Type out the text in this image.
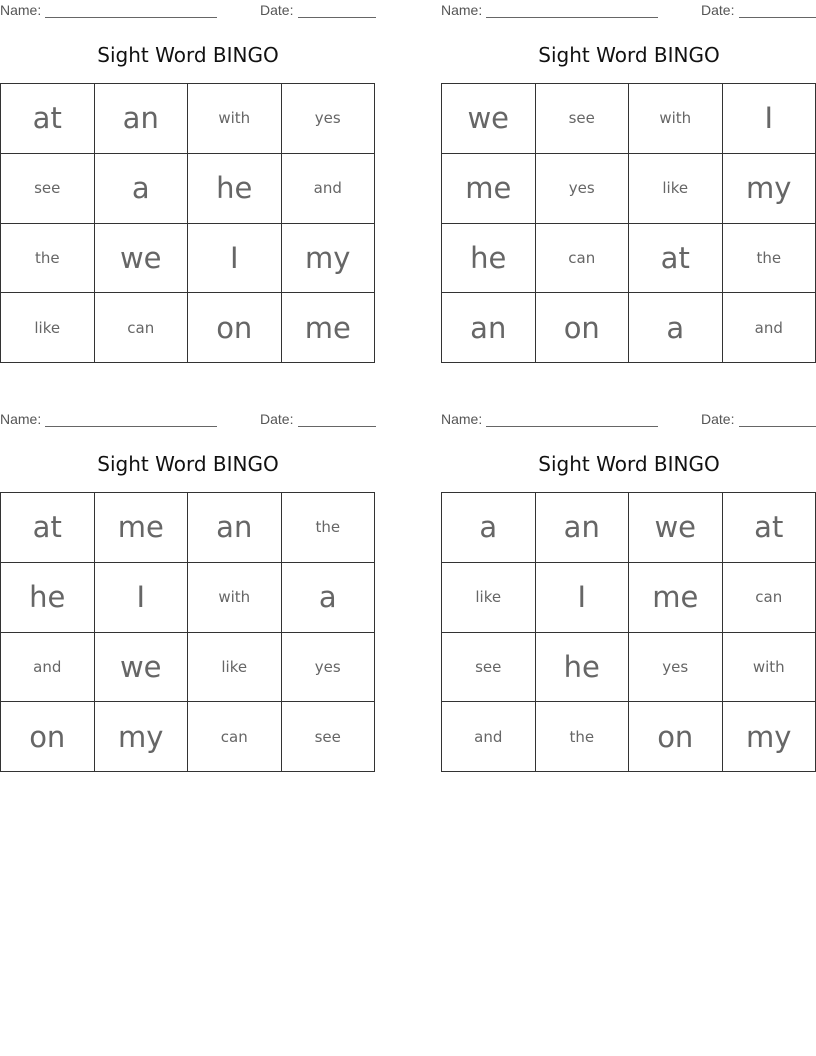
Name:	Date:
Sight Word BINGO
at	an	with	yes
see	a	he	and
the	we	I	my
like	can	on	me
Name:	Date:
Sight Word BINGO
we	see	with	I
me	yes	like	my
he	can	at	the
an	on	a	and
Name:	Date:
Sight Word BINGO
at	me	an	the
he	I	with	a
and	we	like	yes
on	my	can	see
Name:	Date:
Sight Word BINGO
a	an	we	at
like	I	me	can
see	he	yes	with
and	the	on	my
